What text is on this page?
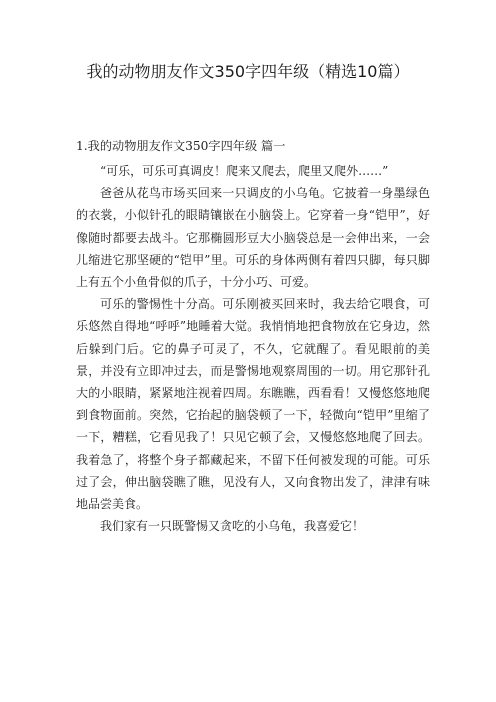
我的动物朋友作文350字四年级（精选10篇）
1.我的动物朋友作文350字四年级 篇一

“可乐，可乐可真调皮！爬来又爬去，爬里又爬外……”

爸爸从花鸟市场买回来一只调皮的小乌龟。它披着一身墨绿色的衣裳，小似针孔的眼睛镶嵌在小脑袋上。它穿着一身“铠甲”，好像随时都要去战斗。它那椭圆形豆大小脑袋总是一会伸出来，一会儿缩进它那坚硬的“铠甲”里。可乐的身体两侧有着四只脚，每只脚上有五个小鱼骨似的爪子，十分小巧、可爱。

可乐的警惕性十分高。可乐刚被买回来时，我去给它喂食，可乐悠然自得地“呼呼”地睡着大觉。我悄悄地把食物放在它身边，然后躲到门后。它的鼻子可灵了，不久，它就醒了。看见眼前的美景，并没有立即冲过去，而是警惕地观察周围的一切。用它那针孔大的小眼睛，紧紧地注视着四周。东瞧瞧，西看看！又慢悠悠地爬到食物面前。突然，它抬起的脑袋顿了一下，轻微向“铠甲”里缩了一下，糟糕，它看见我了！只见它顿了会，又慢悠悠地爬了回去。我着急了，将整个身子都藏起来，不留下任何被发现的可能。可乐过了会，伸出脑袋瞧了瞧，见没有人，又向食物出发了，津津有味地品尝美食。

我们家有一只既警惕又贪吃的小乌龟，我喜爱它！
